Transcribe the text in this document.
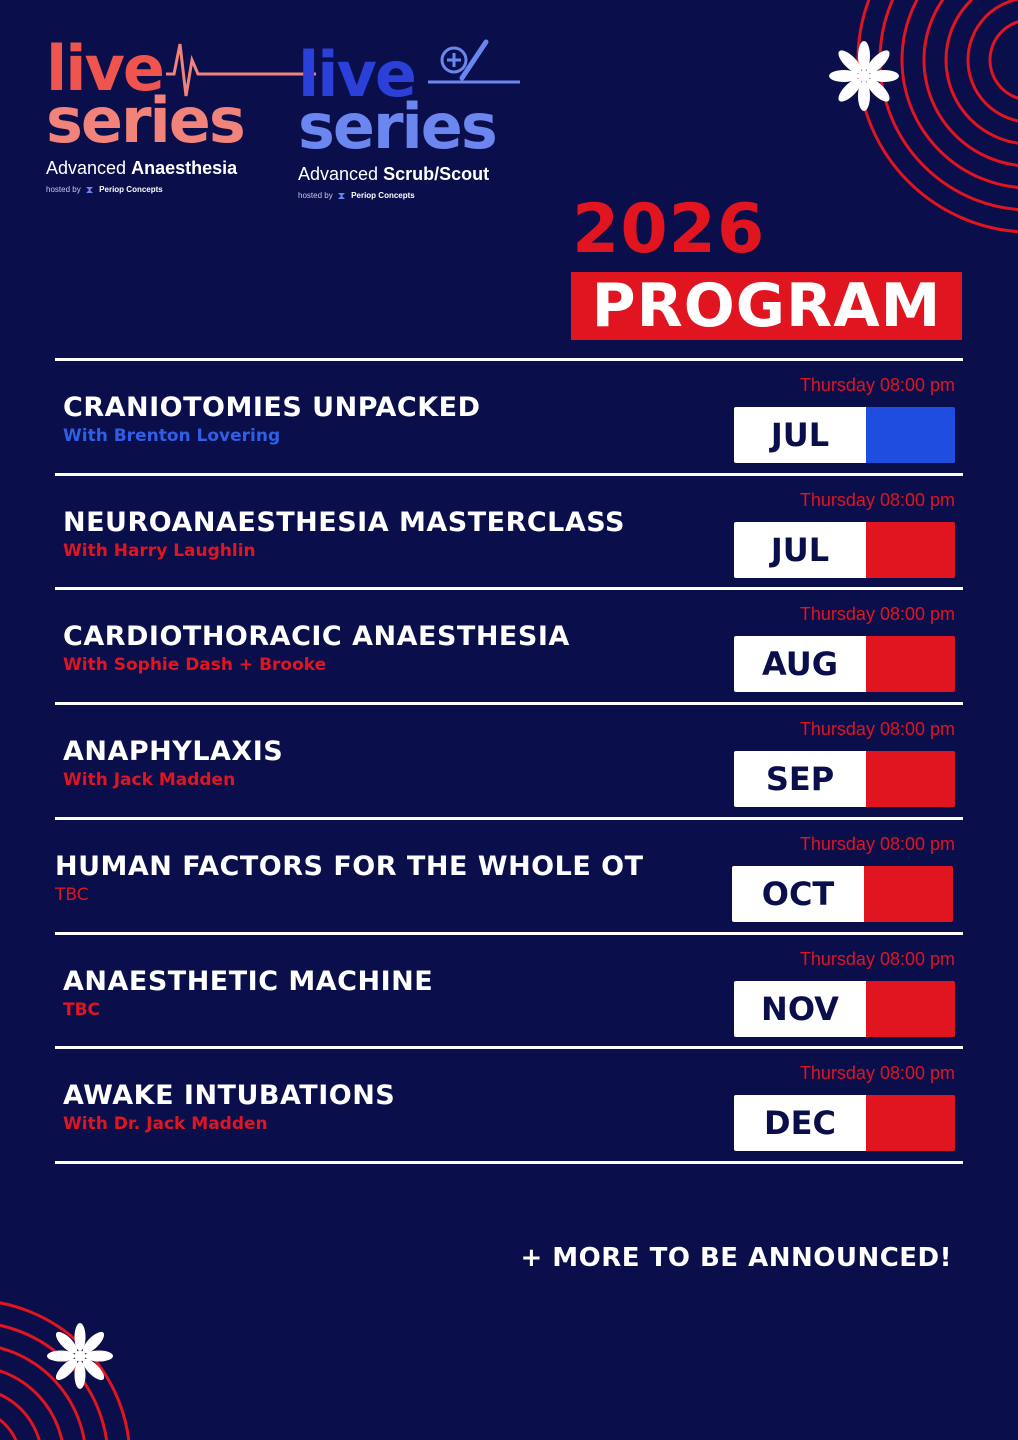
live
series
Advanced Anaesthesia
hosted by Periop Concepts
live
series
Advanced Scrub/Scout
hosted by Periop Concepts 2026
PROGRAM
CRANIOTOMIES UNPACKED
With Brenton Lovering
Thursday 08:00 pm
JUL
NEUROANAESTHESIA MASTERCLASS
With Harry Laughlin
Thursday 08:00 pm
JUL
CARDIOTHORACIC ANAESTHESIA
With Sophie Dash + Brooke
Thursday 08:00 pm
AUG
ANAPHYLAXIS
With Jack Madden
Thursday 08:00 pm
SEP
HUMAN FACTORS FOR THE WHOLE OT
TBC
Thursday 08:00 pm
OCT
ANAESTHETIC MACHINE
TBC
Thursday 08:00 pm
NOV
AWAKE INTUBATIONS
With Dr. Jack Madden
Thursday 08:00 pm
DEC
+ MORE TO BE ANNOUNCED!
